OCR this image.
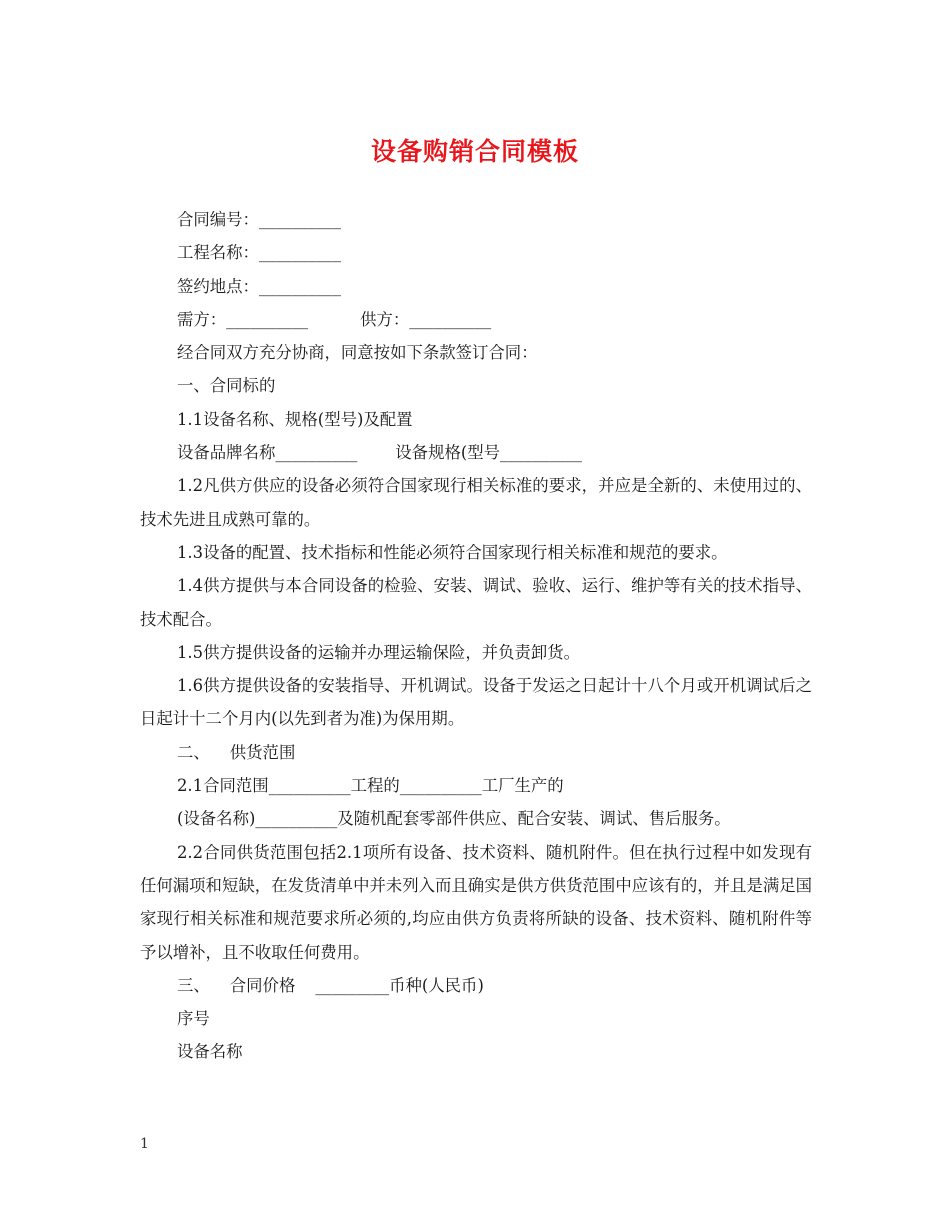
设备购销合同模板

合同编号：__________

工程名称：__________

签约地点：__________

需方：__________	供方：__________

经合同双方充分协商，同意按如下条款签订合同：

一、合同标的

1.1设备名称、规格(型号)及配置

设备品牌名称__________ 设备规格(型号__________

1.2凡供方供应的设备必须符合国家现行相关标准的要求，并应是全新的、未使用过的、技术先进且成熟可靠的。

1.3设备的配置、技术指标和性能必须符合国家现行相关标准和规范的要求。

1.4供方提供与本合同设备的检验、安装、调试、验收、运行、维护等有关的技术指导、技术配合。

1.5供方提供设备的运输并办理运输保险，并负责卸货。

1.6供方提供设备的安装指导、开机调试。设备于发运之日起计十八个月或开机调试后之日起计十二个月内(以先到者为准)为保用期。

二、 供货范围

2.1合同范围__________工程的__________工厂生产的

(设备名称)__________及随机配套零部件供应、配合安装、调试、售后服务。

2.2合同供货范围包括2.1项所有设备、技术资料、随机附件。但在执行过程中如发现有任何漏项和短缺，在发货清单中并未列入而且确实是供方供货范围中应该有的，并且是满足国家现行相关标准和规范要求所必须的,均应由供方负责将所缺的设备、技术资料、随机附件等予以增补，且不收取任何费用。

三、 合同价格 _________币种(人民币)

序号

设备名称

1
